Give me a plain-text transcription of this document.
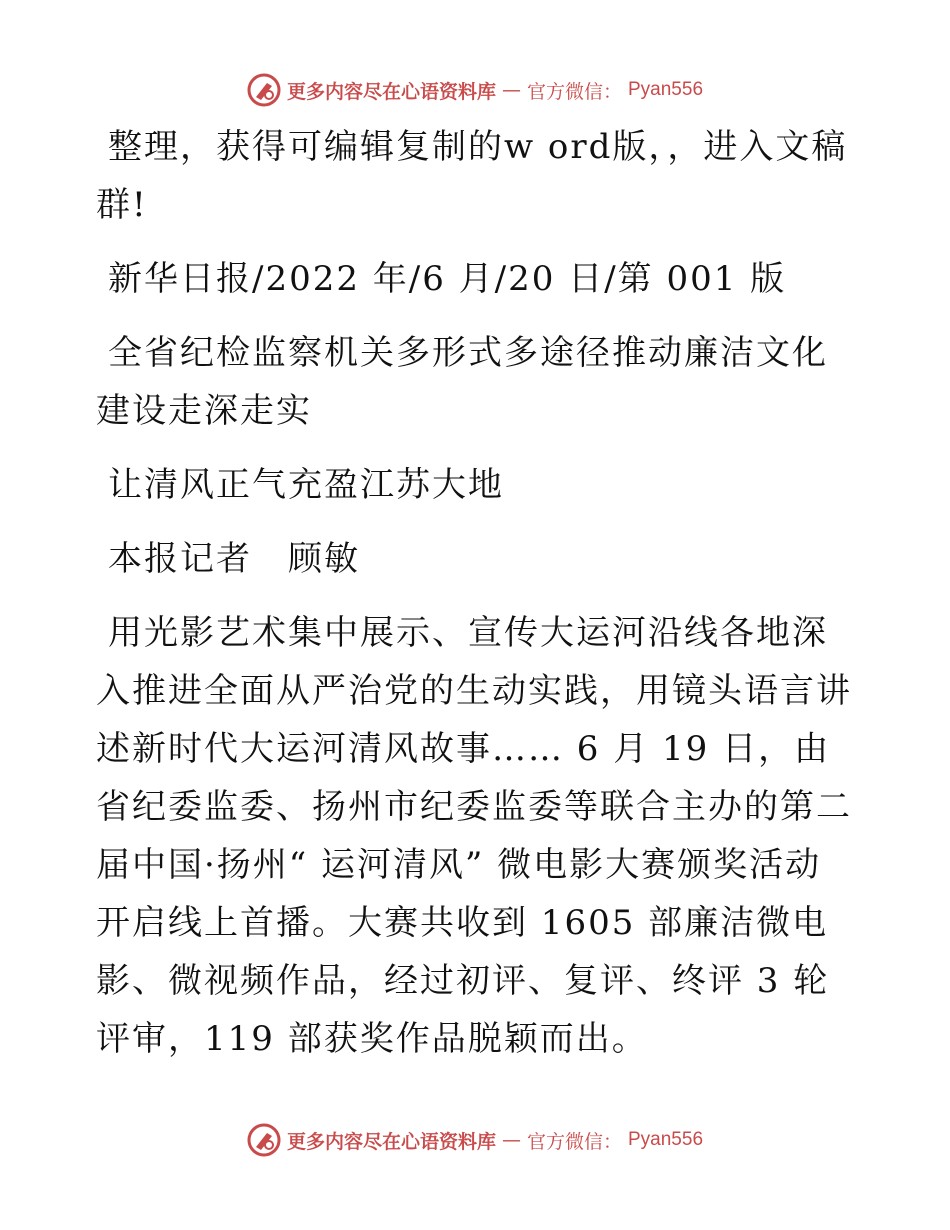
更多内容尽在心语资料库 — 官方微信： Pyan556

整理，获得可编辑复制的w ord版，，进入文稿群!

新华日报/2022 年/6 月/20 日/第 001 版

全省纪检监察机关多形式多途径推动廉洁文化建设走深走实

让清风正气充盈江苏大地

本报记者　顾敏

用光影艺术集中展示、宣传大运河沿线各地深入推进全面从严治党的生动实践，用镜头语言讲述新时代大运河清风故事…… 6 月 19 日，由省纪委监委、扬州市纪委监委等联合主办的第二届中国·扬州“ 运河清风” 微电影大赛颁奖活动开启线上首播。大赛共收到 1605 部廉洁微电影、微视频作品，经过初评、复评、终评 3 轮评审，119 部获奖作品脱颖而出。

更多内容尽在心语资料库 — 官方微信： Pyan556
